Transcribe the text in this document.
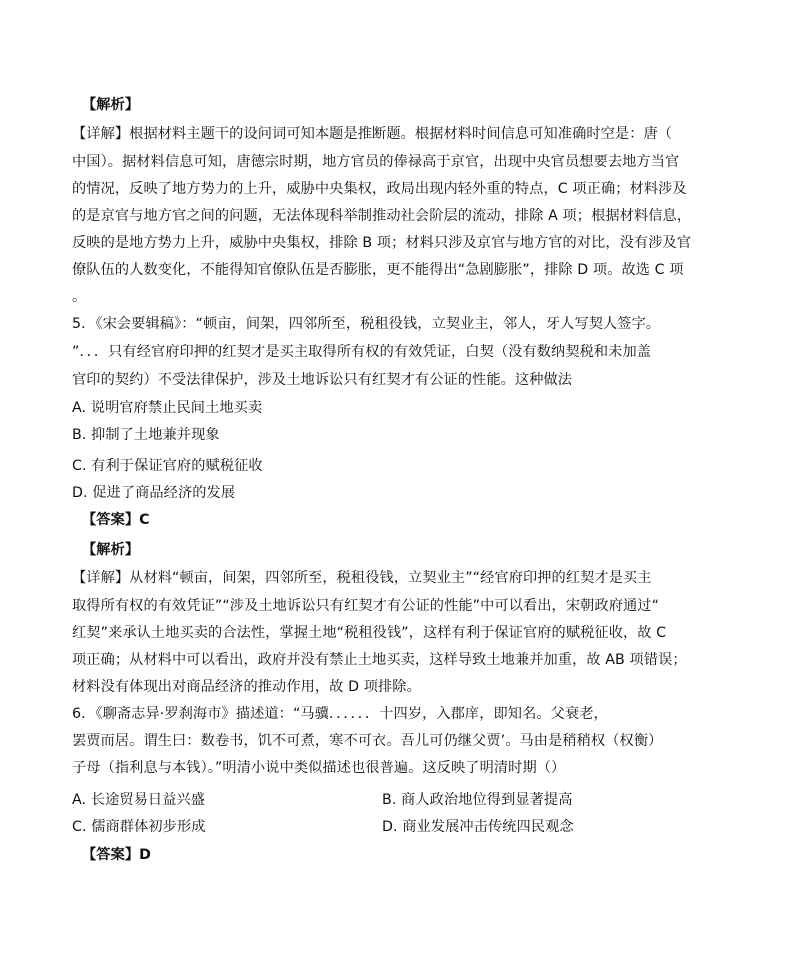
【解析】
【详解】根据材料主题干的设问词可知本题是推断题。根据材料时间信息可知准确时空是：唐（
中国）。据材料信息可知，唐德宗时期，地方官员的俸禄高于京官，出现中央官员想要去地方当官
的情况，反映了地方势力的上升，威胁中央集权，政局出现内轻外重的特点，C 项正确；材料涉及
的是京官与地方官之间的问题，无法体现科举制推动社会阶层的流动，排除 A 项；根据材料信息，
反映的是地方势力上升，威胁中央集权，排除 B 项；材料只涉及京官与地方官的对比，没有涉及官
僚队伍的人数变化，不能得知官僚队伍是否膨胀，更不能得出“急剧膨胀”，排除 D 项。故选 C 项
。
5．《宋会要辑稿》：“顿亩，间架，四邻所至，税租役钱，立契业主，邻人，牙人写契人签字。
”．．．只有经官府印押的红契才是买主取得所有权的有效凭证，白契（没有数纳契税和未加盖
官印的契约）不受法律保护，涉及土地诉讼只有红契才有公证的性能。这种做法
A. 说明官府禁止民间土地买卖
B. 抑制了土地兼并现象
C. 有利于保证官府的赋税征收
D. 促进了商品经济的发展
【答案】C
【解析】
【详解】从材料“顿亩，间架，四邻所至，税租役钱，立契业主”“经官府印押的红契才是买主
取得所有权的有效凭证”“涉及土地诉讼只有红契才有公证的性能”中可以看出，宋朝政府通过“
红契”来承认土地买卖的合法性，掌握土地“税租役钱”，这样有利于保证官府的赋税征收，故 C
项正确；从材料中可以看出，政府并没有禁止土地买卖，这样导致土地兼并加重，故 AB 项错误；
材料没有体现出对商品经济的推动作用，故 D 项排除。
6．《聊斋志异·罗刹海市》描述道：“马骥．．．．．．十四岁，入郡庠，即知名。父衰老，
罢贾而居。谓生曰：数卷书，饥不可煮，寒不可衣。吾儿可仍继父贾’。马由是稍稍权（权衡）
子母（指利息与本钱）。”明清小说中类似描述也很普遍。这反映了明清时期（）
A. 长途贸易日益兴盛	B. 商人政治地位得到显著提高
C. 儒商群体初步形成	D. 商业发展冲击传统四民观念
【答案】D
